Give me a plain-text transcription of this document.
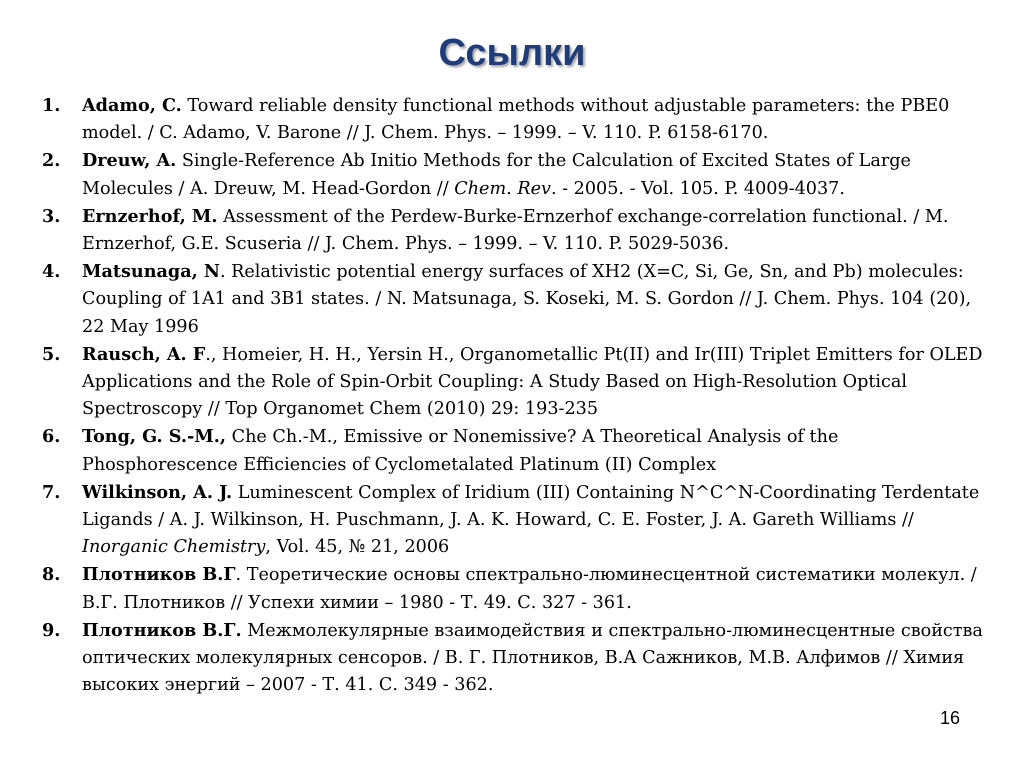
Ссылки
1.	Adamo, C. Toward reliable density functional methods without adjustable parameters: the PBE0 model. / C. Adamo, V. Barone // J. Chem. Phys. – 1999. – V. 110. P. 6158-6170.
2.	Dreuw, A. Single-Reference Ab Initio Methods for the Calculation of Excited States of Large Molecules / A. Dreuw, M. Head-Gordon // Chem. Rev. - 2005. - Vol. 105. P. 4009-4037.
3.	Ernzerhof, M. Assessment of the Perdew-Burke-Ernzerhof exchange-correlation functional. / M. Ernzerhof, G.E. Scuseria // J. Chem. Phys. – 1999. – V. 110. P. 5029-5036.
4.	Matsunaga, N. Relativistic potential energy surfaces of XH2 (X=C, Si, Ge, Sn, and Pb) molecules: Coupling of 1A1 and 3B1 states. / N. Matsunaga, S. Koseki, M. S. Gordon // J. Chem. Phys. 104 (20), 22 May 1996
5.	Rausch, A. F., Homeier, H. H., Yersin H., Organometallic Pt(II) and Ir(III) Triplet Emitters for OLED Applications and the Role of Spin-Orbit Coupling: A Study Based on High-Resolution Optical Spectroscopy // Top Organomet Chem (2010) 29: 193-235
6.	Tong, G. S.-M., Che Ch.-M., Emissive or Nonemissive? A Theoretical Analysis of the Phosphorescence Efficiencies of Cyclometalated Platinum (II) Complex
7.	Wilkinson, A. J. Luminescent Complex of Iridium (III) Containing N^C^N-Coordinating Terdentate Ligands / A. J. Wilkinson, H. Puschmann, J. A. K. Howard, C. E. Foster, J. A. Gareth Williams // Inorganic Chemistry, Vol. 45, № 21, 2006
8.	Плотников В.Г. Теоретические основы спектрально-люминесцентной систематики молекул. / В.Г. Плотников // Успехи химии – 1980 - Т. 49. С. 327 - 361.
9.	Плотников В.Г. Межмолекулярные взаимодействия и спектрально-люминесцентные свойства оптических молекулярных сенсоров. / В. Г. Плотников, В.А Сажников, М.В. Алфимов // Химия высоких энергий – 2007 - Т. 41. С. 349 - 362.
16
